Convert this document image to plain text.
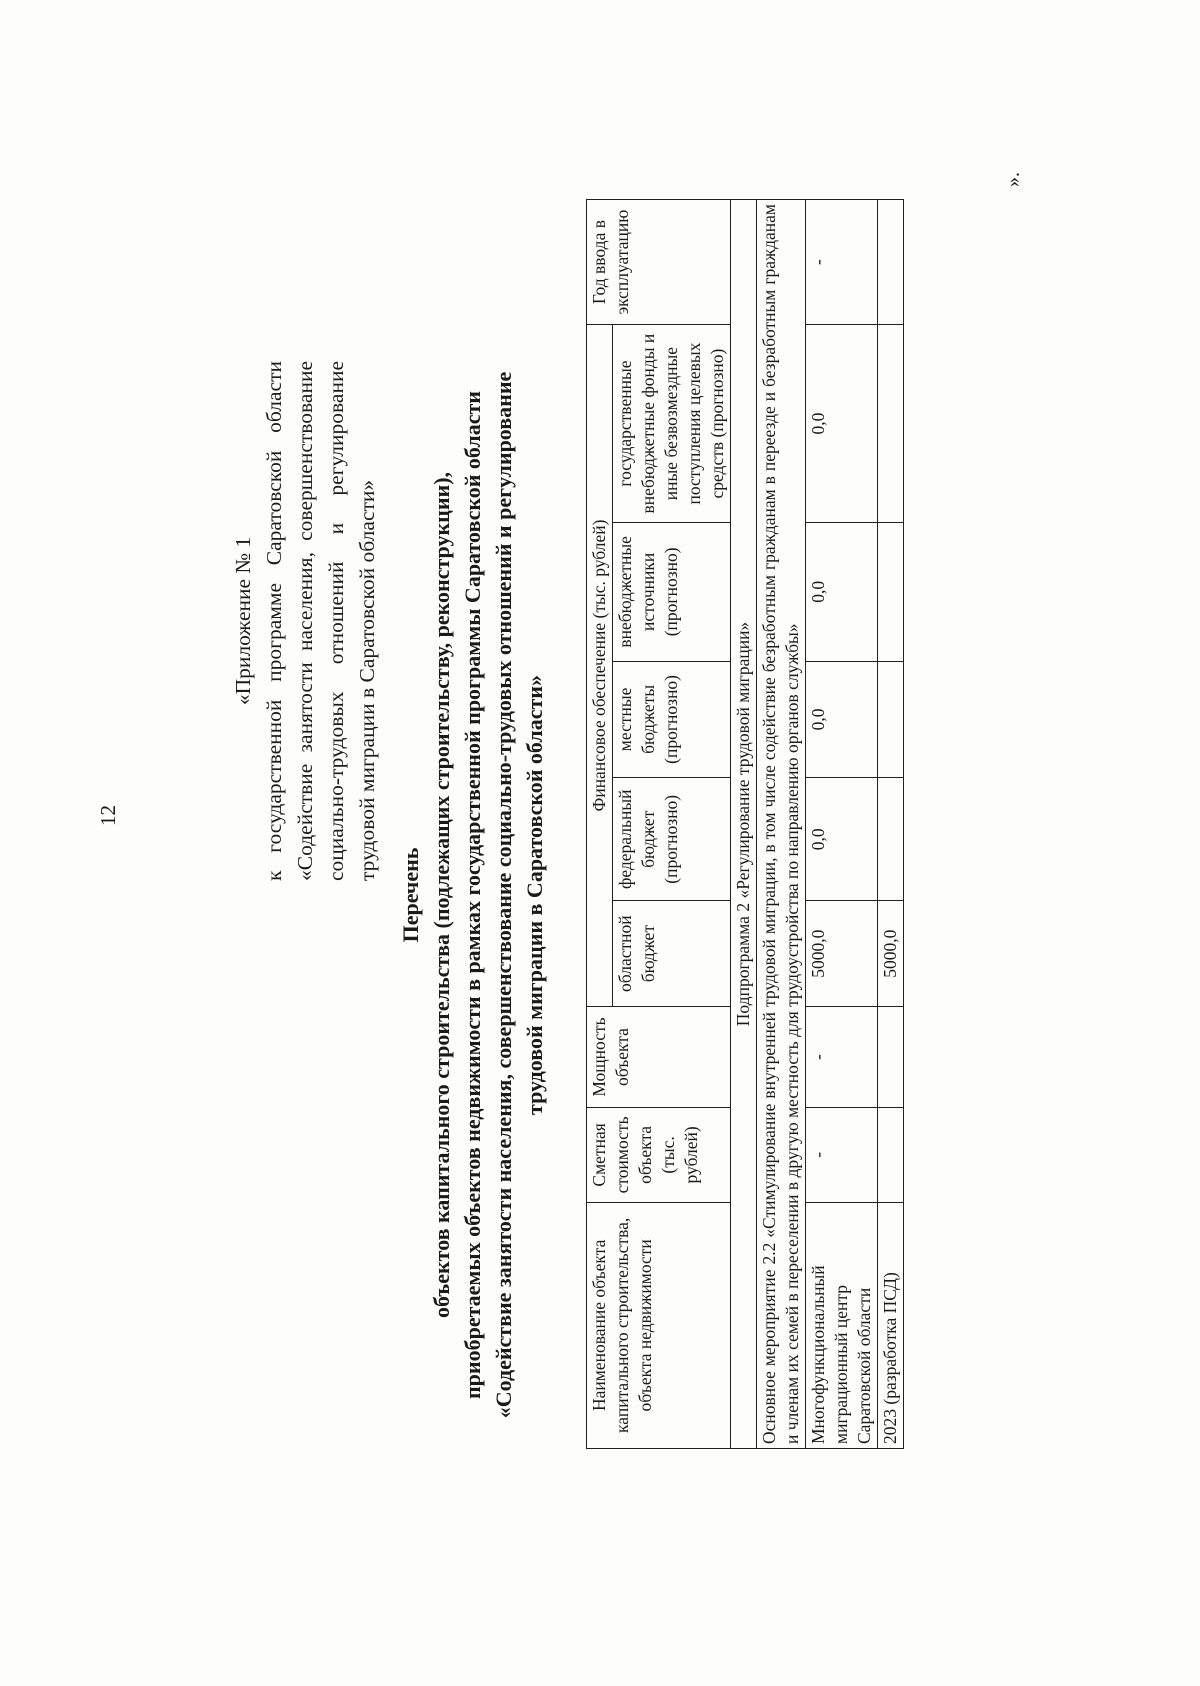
12
«Приложение № 1 к государственной программе Саратовской области «Содействие занятости населения, совершенствование социально-трудовых отношений и регулирование трудовой миграции в Саратовской области»
Перечень объектов капитального строительства (подлежащих строительству, реконструкции), приобретаемых объектов недвижимости в рамках государственной программы Саратовской области «Содействие занятости населения, совершенствование социально-трудовых отношений и регулирование трудовой миграции в Саратовской области»
Наименование объекта капитального строительства, объекта недвижимости	Сметная стоимость объекта (тыс. рублей)	Мощность объекта	Финансовое обеспечение (тыс. рублей)					Год ввода в эксплуатацию
			областной бюджет	федеральный бюджет (прогнозно)	местные бюджеты (прогнозно)	внебюджетные источники (прогнозно)	государственные внебюджетные фонды и иные безвозмездные поступления целевых средств (прогнозно)	
Подпрограмма 2 «Регулирование трудовой миграции»								
Основное мероприятие 2.2 «Стимулирование внутренней трудовой миграции, в том числе содействие безработным гражданам в переезде и безработным гражданам и членам их семей в переселении в другую местность для трудоустройства по направлению органов службы»								
Многофункциональный миграционный центр Саратовской области	-	-	5000,0	0,0	0,0	0,0	0,0	-
2023 (разработка ПСД)			5000,0					
».
